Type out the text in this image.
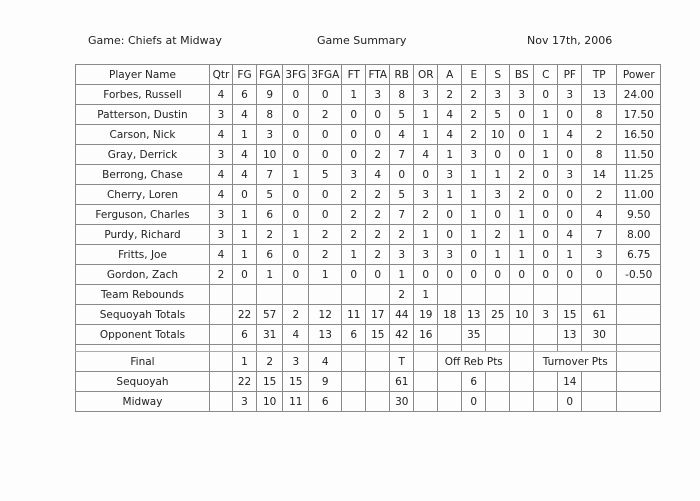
Game: Chiefs at Midway	Game Summary	Nov 17th, 2006
Player Name	Qtr	FG	FGA	3FG	3FGA	FT	FTA	RB	OR	A	E	S	BS	C	PF	TP	Power
Forbes, Russell	4	6	9	0	0	1	3	8	3	2	2	3	3	0	3	13	24.00
Patterson, Dustin	3	4	8	0	2	0	0	5	1	4	2	5	0	1	0	8	17.50
Carson, Nick	4	1	3	0	0	0	0	4	1	4	2	10	0	1	4	2	16.50
Gray, Derrick	3	4	10	0	0	0	2	7	4	1	3	0	0	1	0	8	11.50
Berrong, Chase	4	4	7	1	5	3	4	0	0	3	1	1	2	0	3	14	11.25
Cherry, Loren	4	0	5	0	0	2	2	5	3	1	1	3	2	0	0	2	11.00
Ferguson, Charles	3	1	6	0	0	2	2	7	2	0	1	0	1	0	0	4	9.50
Purdy, Richard	3	1	2	1	2	2	2	2	1	0	1	2	1	0	4	7	8.00
Fritts, Joe	4	1	6	0	2	1	2	3	3	3	0	1	1	0	1	3	6.75
Gordon, Zach	2	0	1	0	1	0	0	1	0	0	0	0	0	0	0	0	-0.50
Team Rebounds								2	1								
Sequoyah Totals		22	57	2	12	11	17	44	19	18	13	25	10	3	15	61	
Opponent Totals		6	31	4	13	6	15	42	16		35				13	30	

Final		1	2	3	4			T		Off Reb Pts				Turnover Pts			
Sequoyah		22	15	15	9			61			6				14		
Midway		3	10	11	6			30			0				0		
